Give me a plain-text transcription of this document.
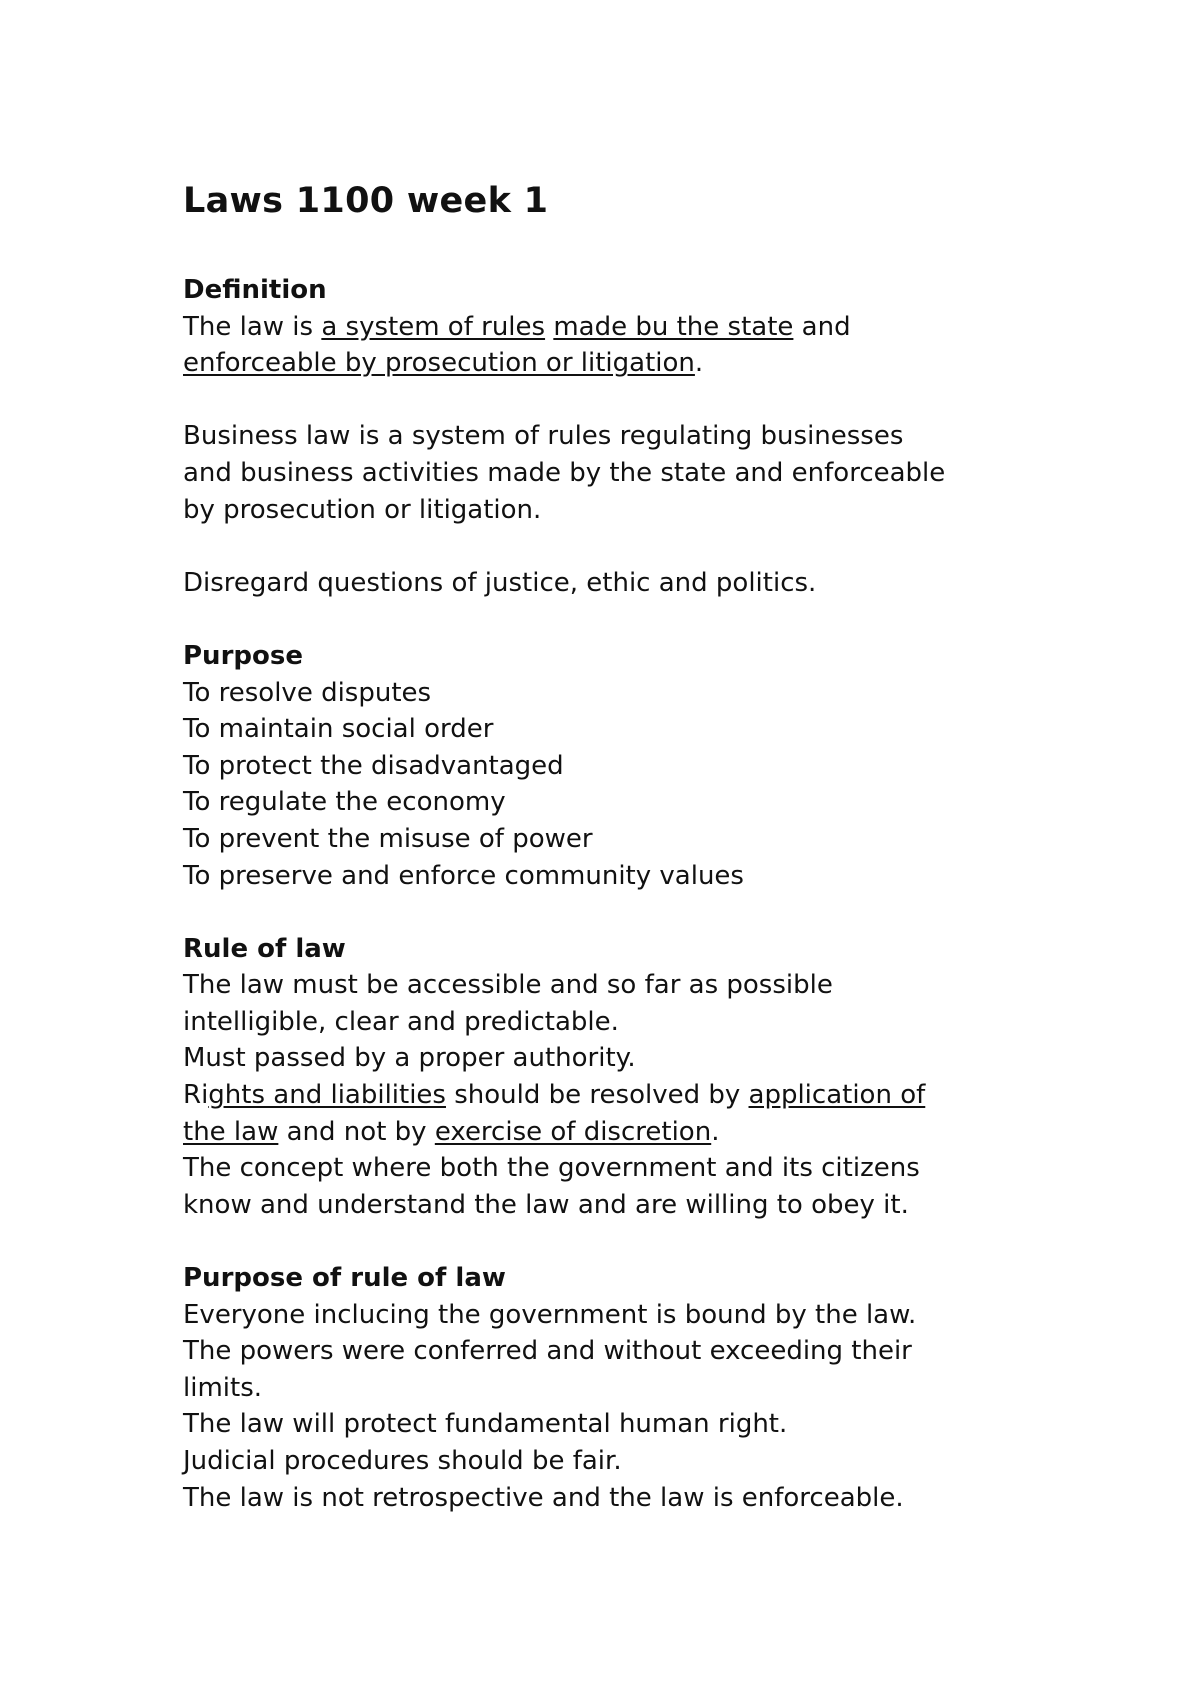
Laws 1100 week 1
Definition
The law is a system of rules made bu the state and
enforceable by prosecution or litigation.
Business law is a system of rules regulating businesses
and business activities made by the state and enforceable
by prosecution or litigation.
Disregard questions of justice, ethic and politics.
Purpose
To resolve disputes
To maintain social order
To protect the disadvantaged
To regulate the economy
To prevent the misuse of power
To preserve and enforce community values
Rule of law
The law must be accessible and so far as possible
intelligible, clear and predictable.
Must passed by a proper authority.
Rights and liabilities should be resolved by application of
the law and not by exercise of discretion.
The concept where both the government and its citizens
know and understand the law and are willing to obey it.
Purpose of rule of law
Everyone inclucing the government is bound by the law.
The powers were conferred and without exceeding their
limits.
The law will protect fundamental human right.
Judicial procedures should be fair.
The law is not retrospective and the law is enforceable.
